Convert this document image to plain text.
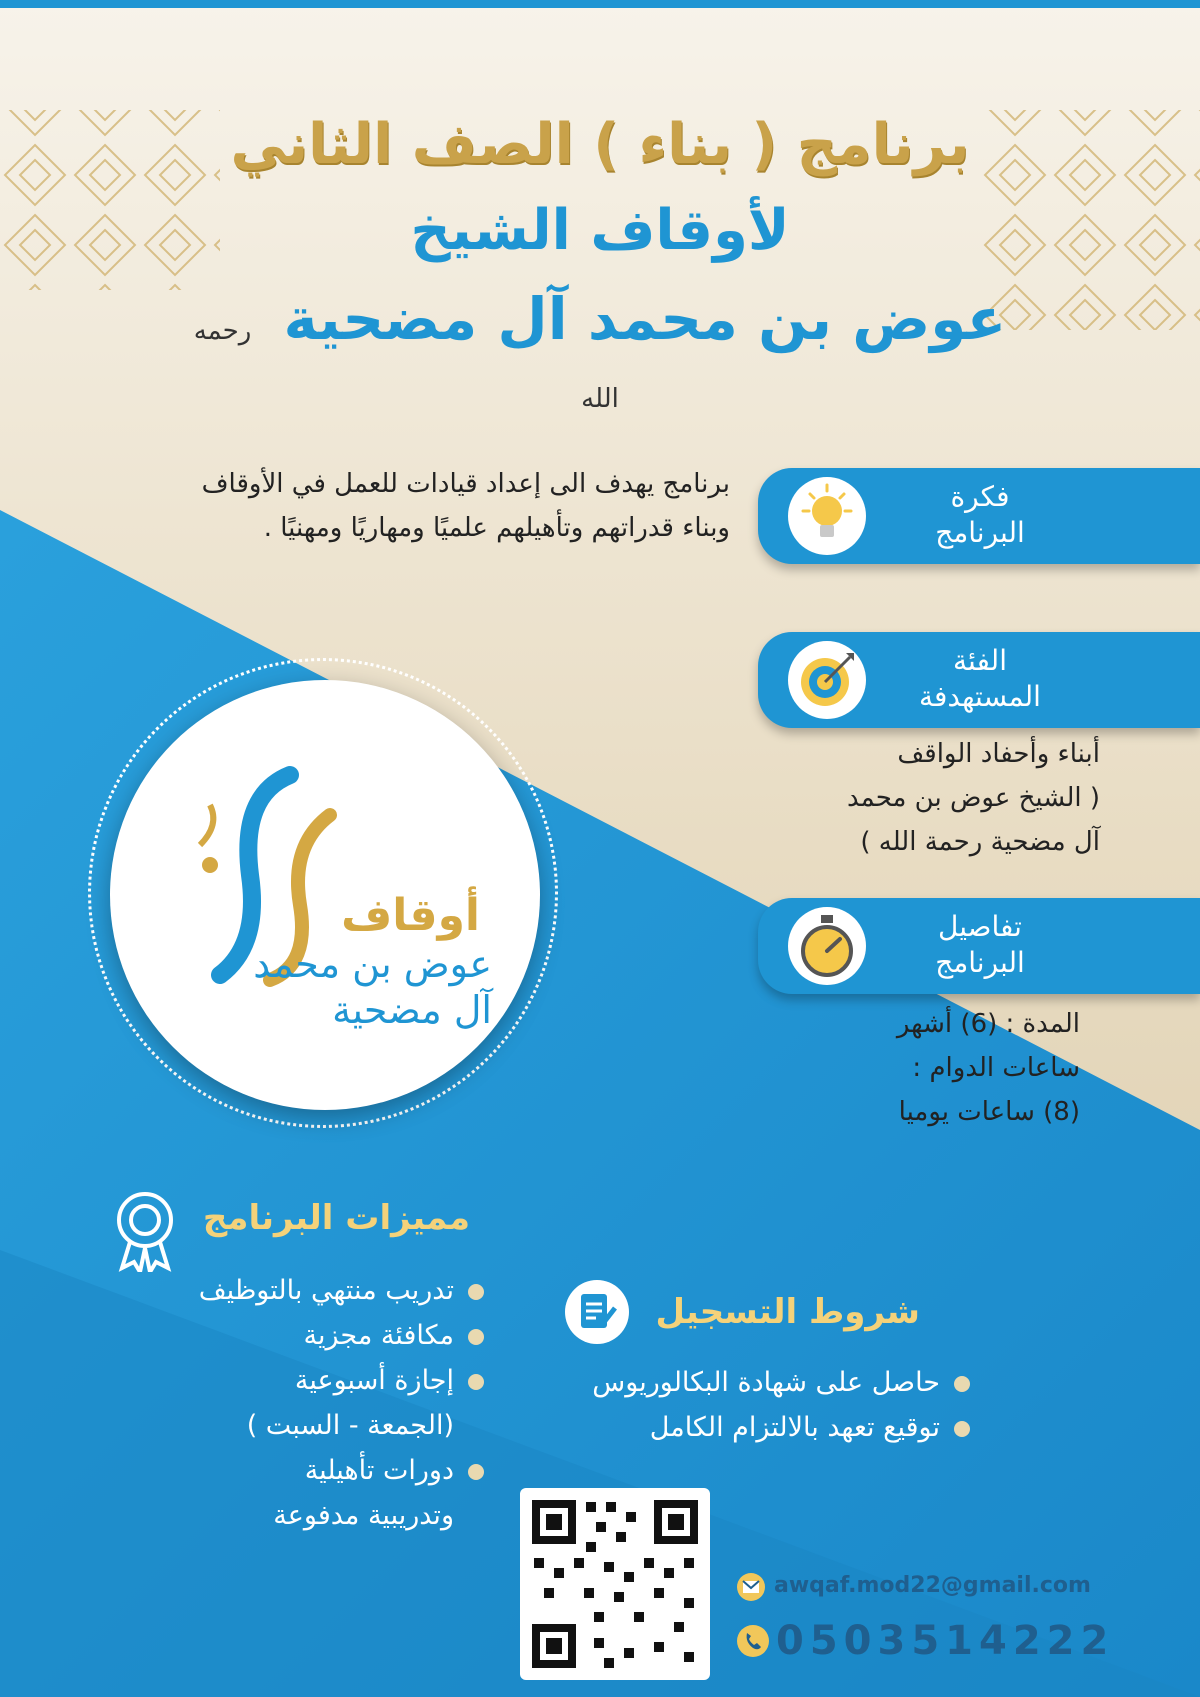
برنامج ( بناء ) الصف الثاني
لأوقاف الشيخ
عوض بن محمد آل مضحية رحمه الله
فكرة
البرنامج
برنامج يهدف الى إعداد قيادات للعمل في الأوقاف
وبناء قدراتهم وتأهيلهم علميًا ومهاريًا ومهنيًا .
الفئة
المستهدفة
أبناء وأحفاد الواقف
( الشيخ عوض بن محمد
آل مضحية رحمة الله )
تفاصيل
البرنامج
المدة : (6) أشهر
ساعات الدوام :
(8) ساعات يوميا
أوقاف
عوض بن محمد
آل مضحية
مميزات البرنامج
تدريب منتهي بالتوظيف
مكافئة مجزية
إجازة أسبوعية
(الجمعة - السبت )
دورات تأهيلية
وتدريبية مدفوعة
شروط التسجيل
حاصل على شهادة البكالوريوس
توقيع تعهد بالالتزام الكامل
awqaf.mod22@gmail.com
0503514222
